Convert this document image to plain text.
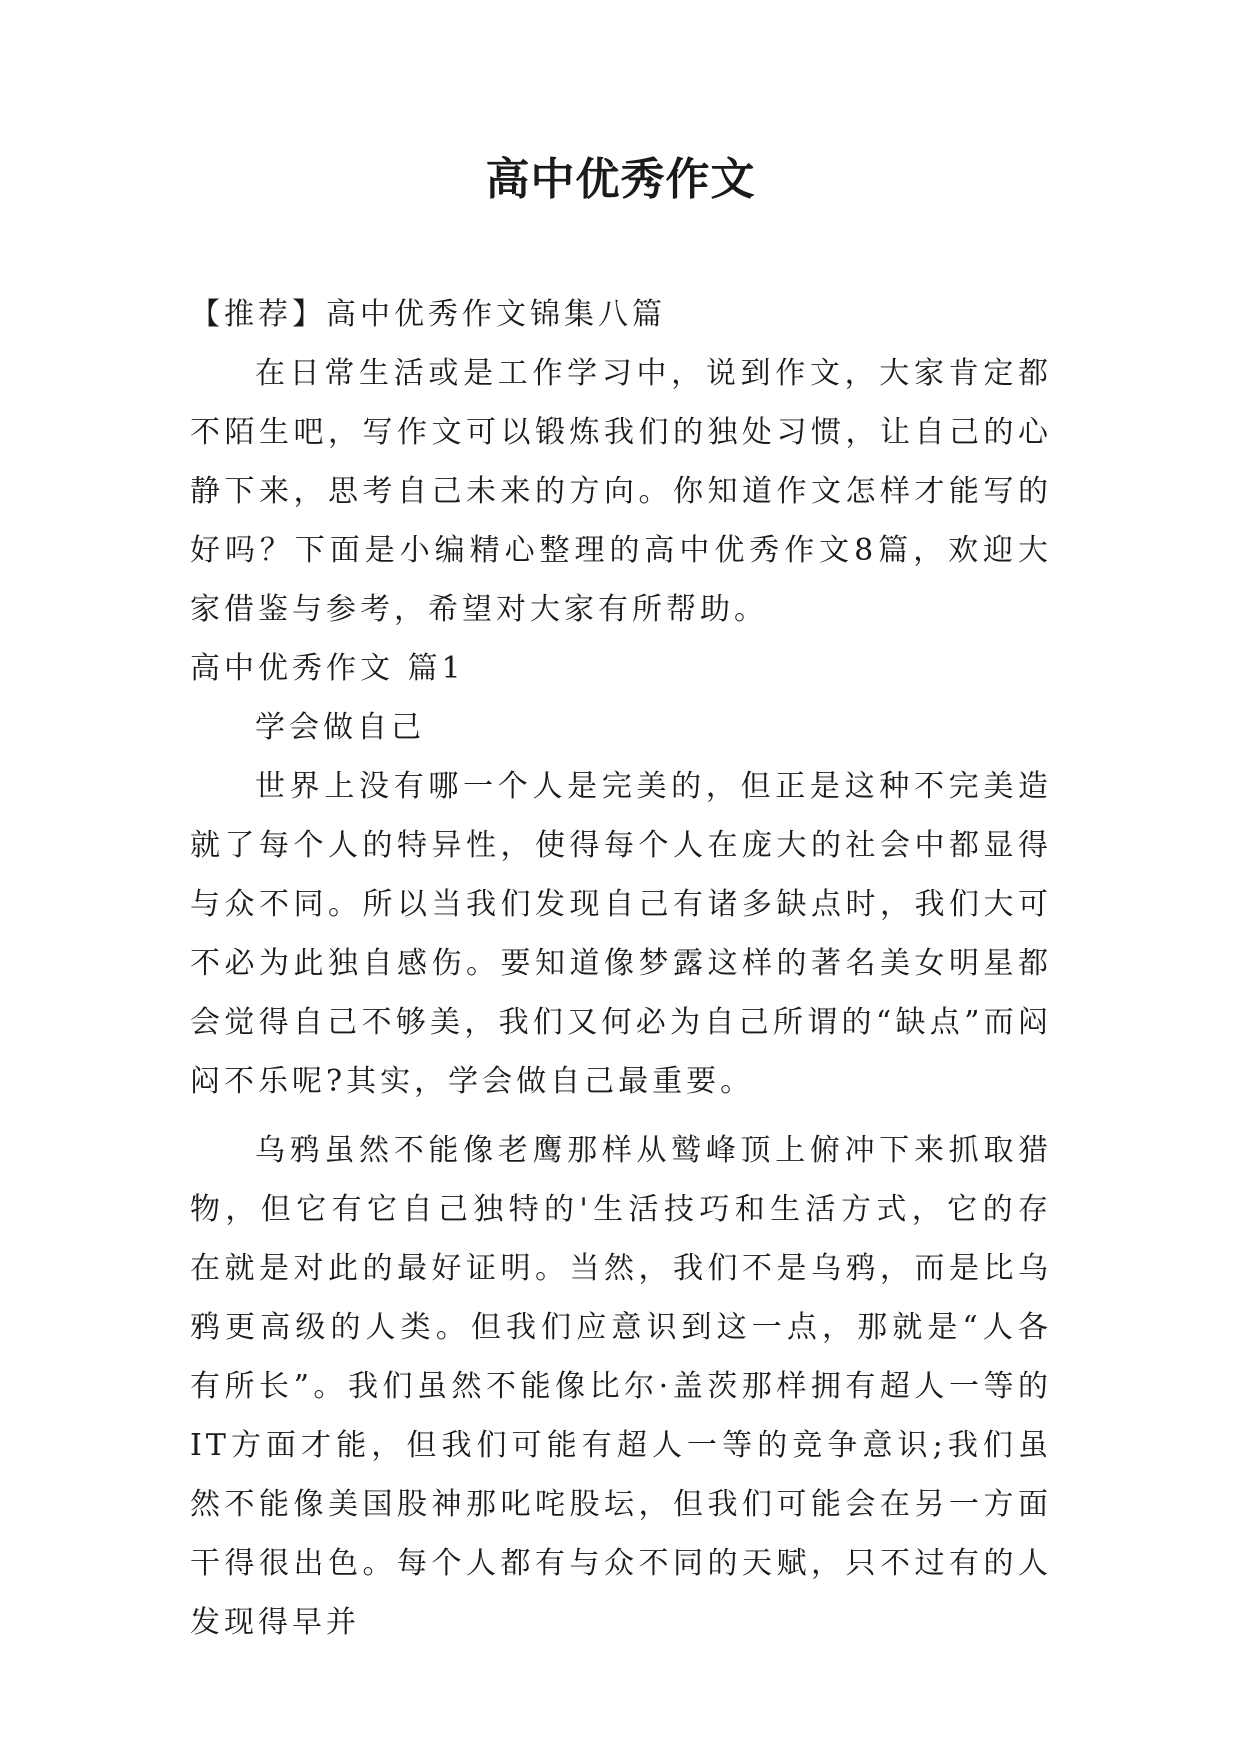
高中优秀作文

【推荐】高中优秀作文锦集八篇

在日常生活或是工作学习中，说到作文，大家肯定都不陌生吧，写作文可以锻炼我们的独处习惯，让自己的心静下来，思考自己未来的方向。你知道作文怎样才能写的好吗？下面是小编精心整理的高中优秀作文8篇，欢迎大家借鉴与参考，希望对大家有所帮助。

高中优秀作文 篇1

学会做自己

世界上没有哪一个人是完美的，但正是这种不完美造就了每个人的特异性，使得每个人在庞大的社会中都显得与众不同。所以当我们发现自己有诸多缺点时，我们大可不必为此独自感伤。要知道像梦露这样的著名美女明星都会觉得自己不够美，我们又何必为自己所谓的“缺点”而闷闷不乐呢?其实，学会做自己最重要。

乌鸦虽然不能像老鹰那样从鹫峰顶上俯冲下来抓取猎物，但它有它自己独特的'生活技巧和生活方式，它的存在就是对此的最好证明。当然，我们不是乌鸦，而是比乌鸦更高级的人类。但我们应意识到这一点，那就是“人各有所长”。我们虽然不能像比尔·盖茨那样拥有超人一等的IT方面才能，但我们可能有超人一等的竞争意识;我们虽然不能像美国股神那叱咤股坛，但我们可能会在另一方面干得很出色。每个人都有与众不同的天赋，只不过有的人发现得早并
